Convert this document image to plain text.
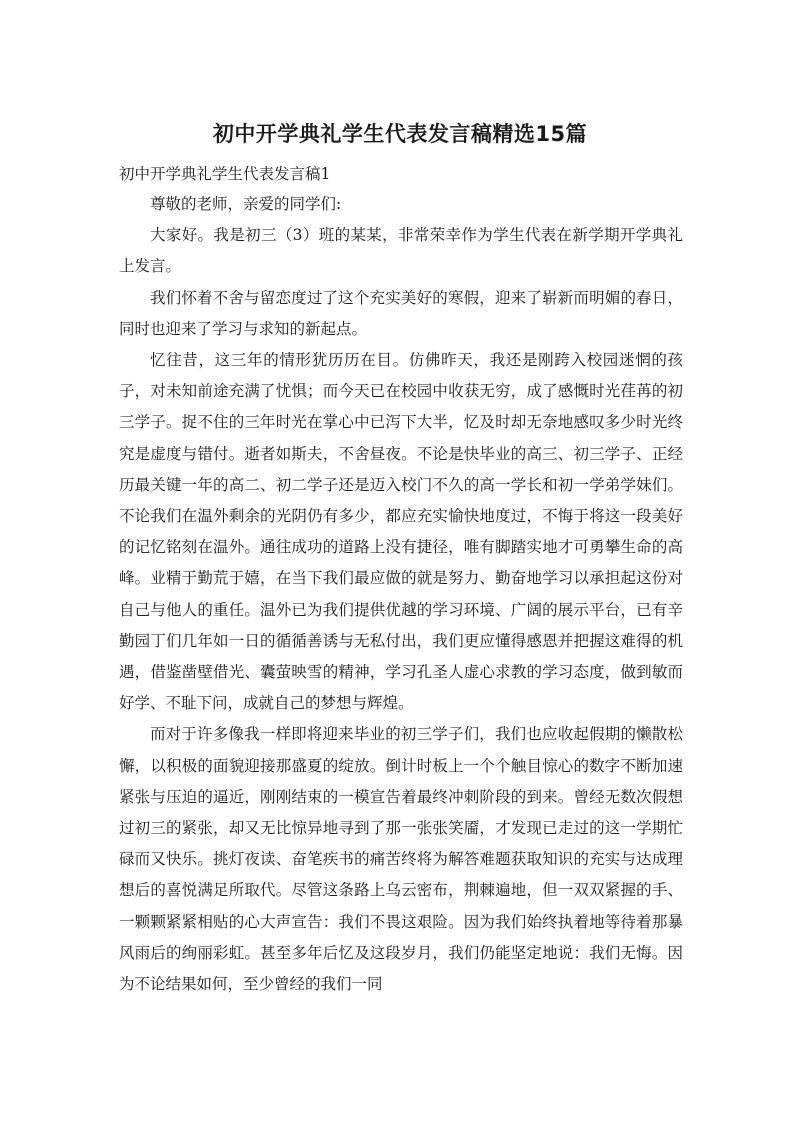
初中开学典礼学生代表发言稿精选15篇

初中开学典礼学生代表发言稿1

尊敬的老师，亲爱的同学们:

大家好。我是初三（3）班的某某，非常荣幸作为学生代表在新学期开学典礼上发言。

我们怀着不舍与留恋度过了这个充实美好的寒假，迎来了崭新而明媚的春日，同时也迎来了学习与求知的新起点。

忆往昔，这三年的情形犹历历在目。仿佛昨天，我还是刚跨入校园迷惘的孩子，对未知前途充满了忧惧；而今天已在校园中收获无穷，成了感慨时光荏苒的初三学子。捉不住的三年时光在掌心中已泻下大半，忆及时却无奈地感叹多少时光终究是虚度与错付。逝者如斯夫，不舍昼夜。不论是快毕业的高三、初三学子、正经历最关键一年的高二、初二学子还是迈入校门不久的高一学长和初一学弟学妹们。不论我们在温外剩余的光阴仍有多少，都应充实愉快地度过，不悔于将这一段美好的记忆铭刻在温外。通往成功的道路上没有捷径，唯有脚踏实地才可勇攀生命的高峰。业精于勤荒于嬉，在当下我们最应做的就是努力、勤奋地学习以承担起这份对自己与他人的重任。温外已为我们提供优越的学习环境、广阔的展示平台，已有辛勤园丁们几年如一日的循循善诱与无私付出，我们更应懂得感恩并把握这难得的机遇，借鉴凿壁借光、囊萤映雪的精神，学习孔圣人虚心求教的学习态度，做到敏而好学、不耻下问，成就自己的梦想与辉煌。

而对于许多像我一样即将迎来毕业的初三学子们，我们也应收起假期的懒散松懈，以积极的面貌迎接那盛夏的绽放。倒计时板上一个个触目惊心的数字不断加速紧张与压迫的逼近，刚刚结束的一模宣告着最终冲刺阶段的到来。曾经无数次假想过初三的紧张，却又无比惊异地寻到了那一张张笑靥，才发现已走过的这一学期忙碌而又快乐。挑灯夜读、奋笔疾书的痛苦终将为解答难题获取知识的充实与达成理想后的喜悦满足所取代。尽管这条路上乌云密布，荆棘遍地，但一双双紧握的手、一颗颗紧紧相贴的心大声宣告：我们不畏这艰险。因为我们始终执着地等待着那暴风雨后的绚丽彩虹。甚至多年后忆及这段岁月，我们仍能坚定地说：我们无悔。因为不论结果如何，至少曾经的我们一同
